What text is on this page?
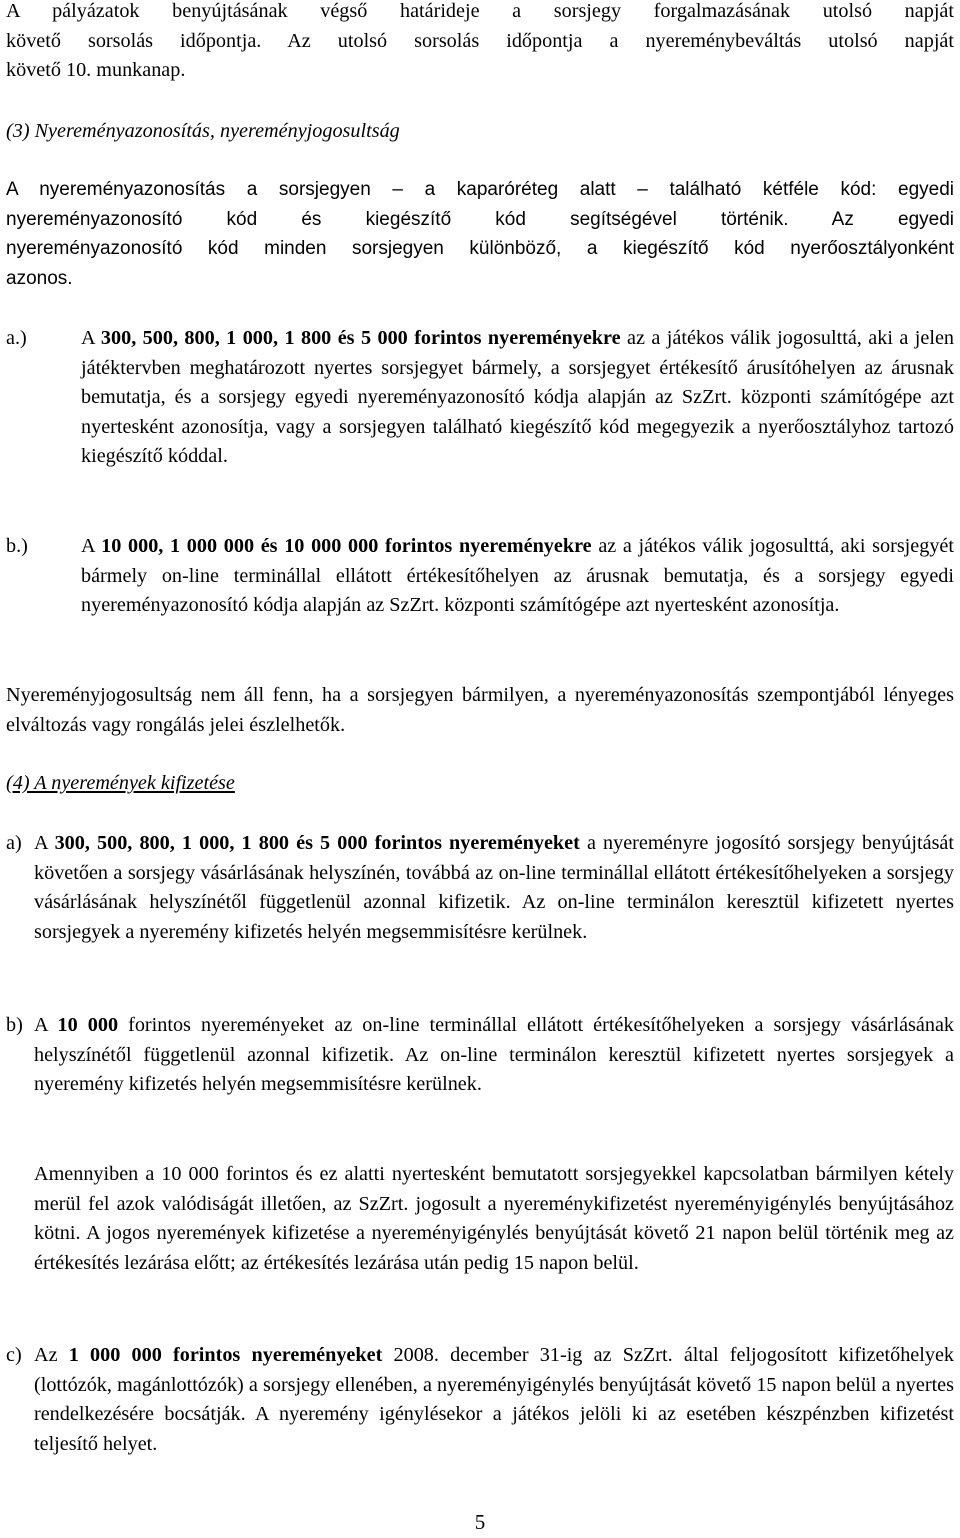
A pályázatok benyújtásának végső határideje a sorsjegy forgalmazásának utolsó napját

követő sorsolás időpontja. Az utolsó sorsolás időpontja a nyereménybeváltás utolsó napját

követő 10. munkanap.

(3) Nyereményazonosítás, nyereményjogosultság

A nyereményazonosítás a sorsjegyen – a kaparóréteg alatt – található kétféle kód: egyedi

nyereményazonosító kód és kiegészítő kód segítségével történik. Az egyedi

nyereményazonosító kód minden sorsjegyen különböző, a kiegészítő kód nyerőosztályonként

azonos.

a.)	A 300, 500, 800, 1 000, 1 800 és 5 000 forintos nyereményekre az a játékos válik jogosulttá, aki a jelen játéktervben meghatározott nyertes sorsjegyet bármely, a sorsjegyet értékesítő árusítóhelyen az árusnak bemutatja, és a sorsjegy egyedi nyereményazonosító kódja alapján az SzZrt. központi számítógépe azt nyertesként azonosítja, vagy a sorsjegyen található kiegészítő kód megegyezik a nyerőosztályhoz tartozó kiegészítő kóddal.

b.)	A 10 000, 1 000 000 és 10 000 000 forintos nyereményekre az a játékos válik jogosulttá, aki sorsjegyét bármely on-line terminállal ellátott értékesítőhelyen az árusnak bemutatja, és a sorsjegy egyedi nyereményazonosító kódja alapján az SzZrt. központi számítógépe azt nyertesként azonosítja.

Nyereményjogosultság nem áll fenn, ha a sorsjegyen bármilyen, a nyereményazonosítás szempontjából lényeges elváltozás vagy rongálás jelei észlelhetők.

(4) A nyeremények kifizetése

a) A 300, 500, 800, 1 000, 1 800 és 5 000 forintos nyereményeket a nyereményre jogosító sorsjegy benyújtását követően a sorsjegy vásárlásának helyszínén, továbbá az on-line terminállal ellátott értékesítőhelyeken a sorsjegy vásárlásának helyszínétől függetlenül azonnal kifizetik. Az on-line terminálon keresztül kifizetett nyertes sorsjegyek a nyeremény kifizetés helyén megsemmisítésre kerülnek.

b) A 10 000 forintos nyereményeket az on-line terminállal ellátott értékesítőhelyeken a sorsjegy vásárlásának helyszínétől függetlenül azonnal kifizetik. Az on-line terminálon keresztül kifizetett nyertes sorsjegyek a nyeremény kifizetés helyén megsemmisítésre kerülnek.

Amennyiben a 10 000 forintos és ez alatti nyertesként bemutatott sorsjegyekkel kapcsolatban bármilyen kétely merül fel azok valódiságát illetően, az SzZrt. jogosult a nyereménykifizetést nyereményigénylés benyújtásához kötni. A jogos nyeremények kifizetése a nyereményigénylés benyújtását követő 21 napon belül történik meg az értékesítés lezárása előtt; az értékesítés lezárása után pedig 15 napon belül.

c) Az 1 000 000 forintos nyereményeket 2008. december 31-ig az SzZrt. által feljogosított kifizetőhelyek (lottózók, magánlottózók) a sorsjegy ellenében, a nyereményigénylés benyújtását követő 15 napon belül a nyertes rendelkezésére bocsátják. A nyeremény igénylésekor a játékos jelöli ki az esetében készpénzben kifizetést teljesítő helyet.

5
